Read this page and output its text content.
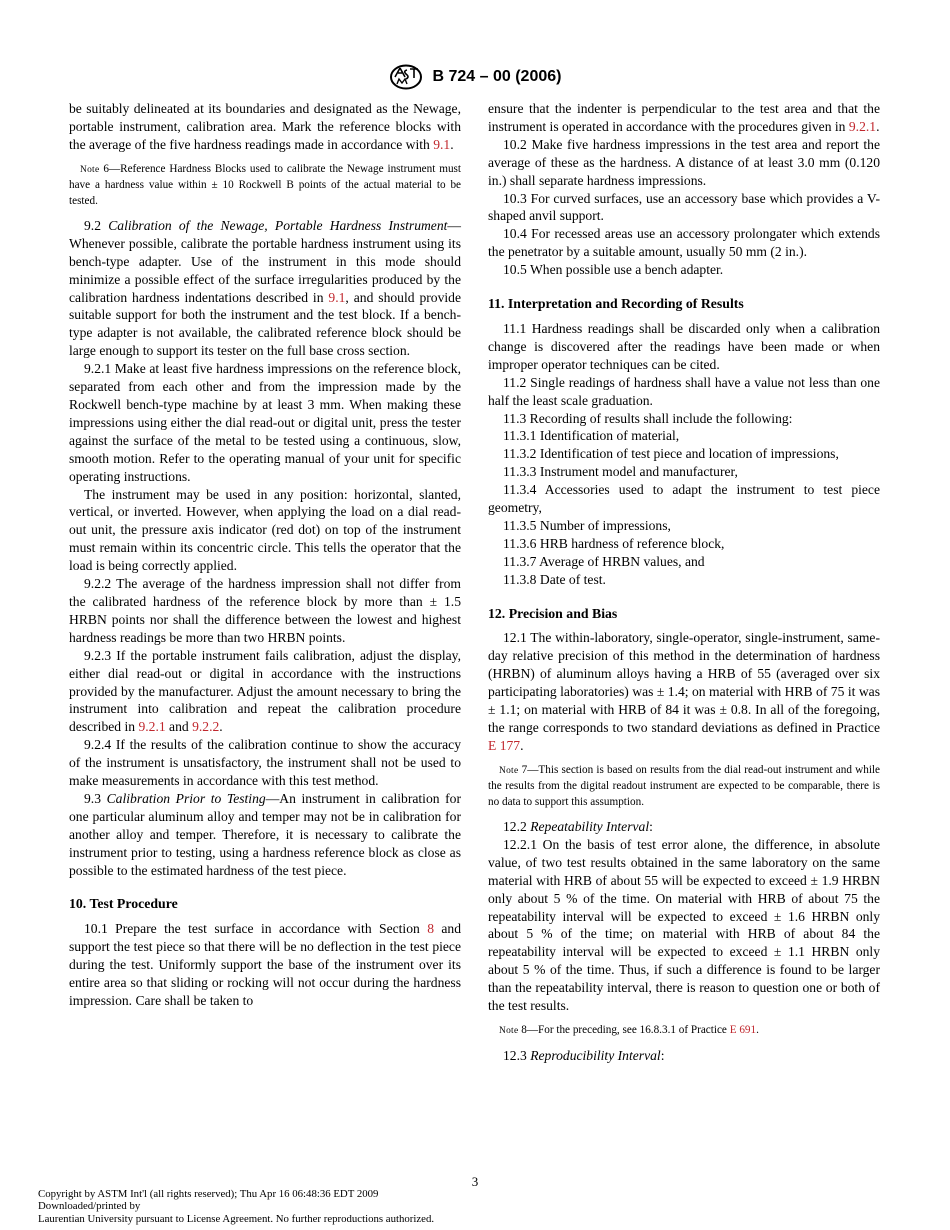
B 724 – 00 (2006)

be suitably delineated at its boundaries and designated as the Newage, portable instrument, calibration area. Mark the reference blocks with the average of the five hardness readings made in accordance with 9.1.

Note 6—Reference Hardness Blocks used to calibrate the Newage instrument must have a hardness value within ± 10 Rockwell B points of the actual material to be tested.

9.2 Calibration of the Newage, Portable Hardness Instrument—Whenever possible, calibrate the portable hardness instrument using its bench-type adapter. Use of the instrument in this mode should minimize a possible effect of the surface irregularities produced by the calibration hardness indentations described in 9.1, and should provide suitable support for both the instrument and the test block. If a bench-type adapter is not available, the calibrated reference block should be large enough to support its tester on the full base cross section.

9.2.1 Make at least five hardness impressions on the reference block, separated from each other and from the impression made by the Rockwell bench-type machine by at least 3 mm. When making these impressions using either the dial read-out or digital unit, press the tester against the surface of the metal to be tested using a continuous, slow, smooth motion. Refer to the operating manual of your unit for specific operating instructions.

The instrument may be used in any position: horizontal, slanted, vertical, or inverted. However, when applying the load on a dial read-out unit, the pressure axis indicator (red dot) on top of the instrument must remain within its concentric circle. This tells the operator that the load is being correctly applied.

9.2.2 The average of the hardness impression shall not differ from the calibrated hardness of the reference block by more than ± 1.5 HRBN points nor shall the difference between the lowest and highest hardness readings be more than two HRBN points.

9.2.3 If the portable instrument fails calibration, adjust the display, either dial read-out or digital in accordance with the instructions provided by the manufacturer. Adjust the amount necessary to bring the instrument into calibration and repeat the calibration procedure described in 9.2.1 and 9.2.2.

9.2.4 If the results of the calibration continue to show the accuracy of the instrument is unsatisfactory, the instrument shall not be used to make measurements in accordance with this test method.

9.3 Calibration Prior to Testing—An instrument in calibration for one particular aluminum alloy and temper may not be in calibration for another alloy and temper. Therefore, it is necessary to calibrate the instrument prior to testing, using a hardness reference block as close as possible to the estimated hardness of the test piece.

10. Test Procedure

10.1 Prepare the test surface in accordance with Section 8 and support the test piece so that there will be no deflection in the test piece during the test. Uniformly support the base of the instrument over its entire area so that sliding or rocking will not occur during the hardness impression. Care shall be taken to

ensure that the indenter is perpendicular to the test area and that the instrument is operated in accordance with the procedures given in 9.2.1.

10.2 Make five hardness impressions in the test area and report the average of these as the hardness. A distance of at least 3.0 mm (0.120 in.) shall separate hardness impressions.

10.3 For curved surfaces, use an accessory base which provides a V-shaped anvil support.

10.4 For recessed areas use an accessory prolongater which extends the penetrator by a suitable amount, usually 50 mm (2 in.).

10.5 When possible use a bench adapter.

11. Interpretation and Recording of Results

11.1 Hardness readings shall be discarded only when a calibration change is discovered after the readings have been made or when improper operator techniques can be cited.

11.2 Single readings of hardness shall have a value not less than one half the least scale graduation.

11.3 Recording of results shall include the following:

11.3.1 Identification of material,

11.3.2 Identification of test piece and location of impressions,

11.3.3 Instrument model and manufacturer,

11.3.4 Accessories used to adapt the instrument to test piece geometry,

11.3.5 Number of impressions,

11.3.6 HRB hardness of reference block,

11.3.7 Average of HRBN values, and

11.3.8 Date of test.

12. Precision and Bias

12.1 The within-laboratory, single-operator, single-instrument, same-day relative precision of this method in the determination of hardness (HRBN) of aluminum alloys having a HRB of 55 (averaged over six participating laboratories) was ± 1.4; on material with HRB of 75 it was ± 1.1; on material with HRB of 84 it was ± 0.8. In all of the foregoing, the range corresponds to two standard deviations as defined in Practice E 177.

Note 7—This section is based on results from the dial read-out instrument and while the results from the digital readout instrument are expected to be comparable, there is no data to support this assumption.

12.2 Repeatability Interval:

12.2.1 On the basis of test error alone, the difference, in absolute value, of two test results obtained in the same laboratory on the same material with HRB of about 55 will be expected to exceed ± 1.9 HRBN only about 5 % of the time. On material with HRB of about 75 the repeatability interval will be expected to exceed ± 1.6 HRBN only about 5 % of the time; on material with HRB of about 84 the repeatability interval will be expected to exceed ± 1.1 HRBN only about 5 % of the time. Thus, if such a difference is found to be larger than the repeatability interval, there is reason to question one or both of the test results.

Note 8—For the preceding, see 16.8.3.1 of Practice E 691.

12.3 Reproducibility Interval:

3
Copyright by ASTM Int'l (all rights reserved); Thu Apr 16 06:48:36 EDT 2009
Downloaded/printed by
Laurentian University pursuant to License Agreement. No further reproductions authorized.
